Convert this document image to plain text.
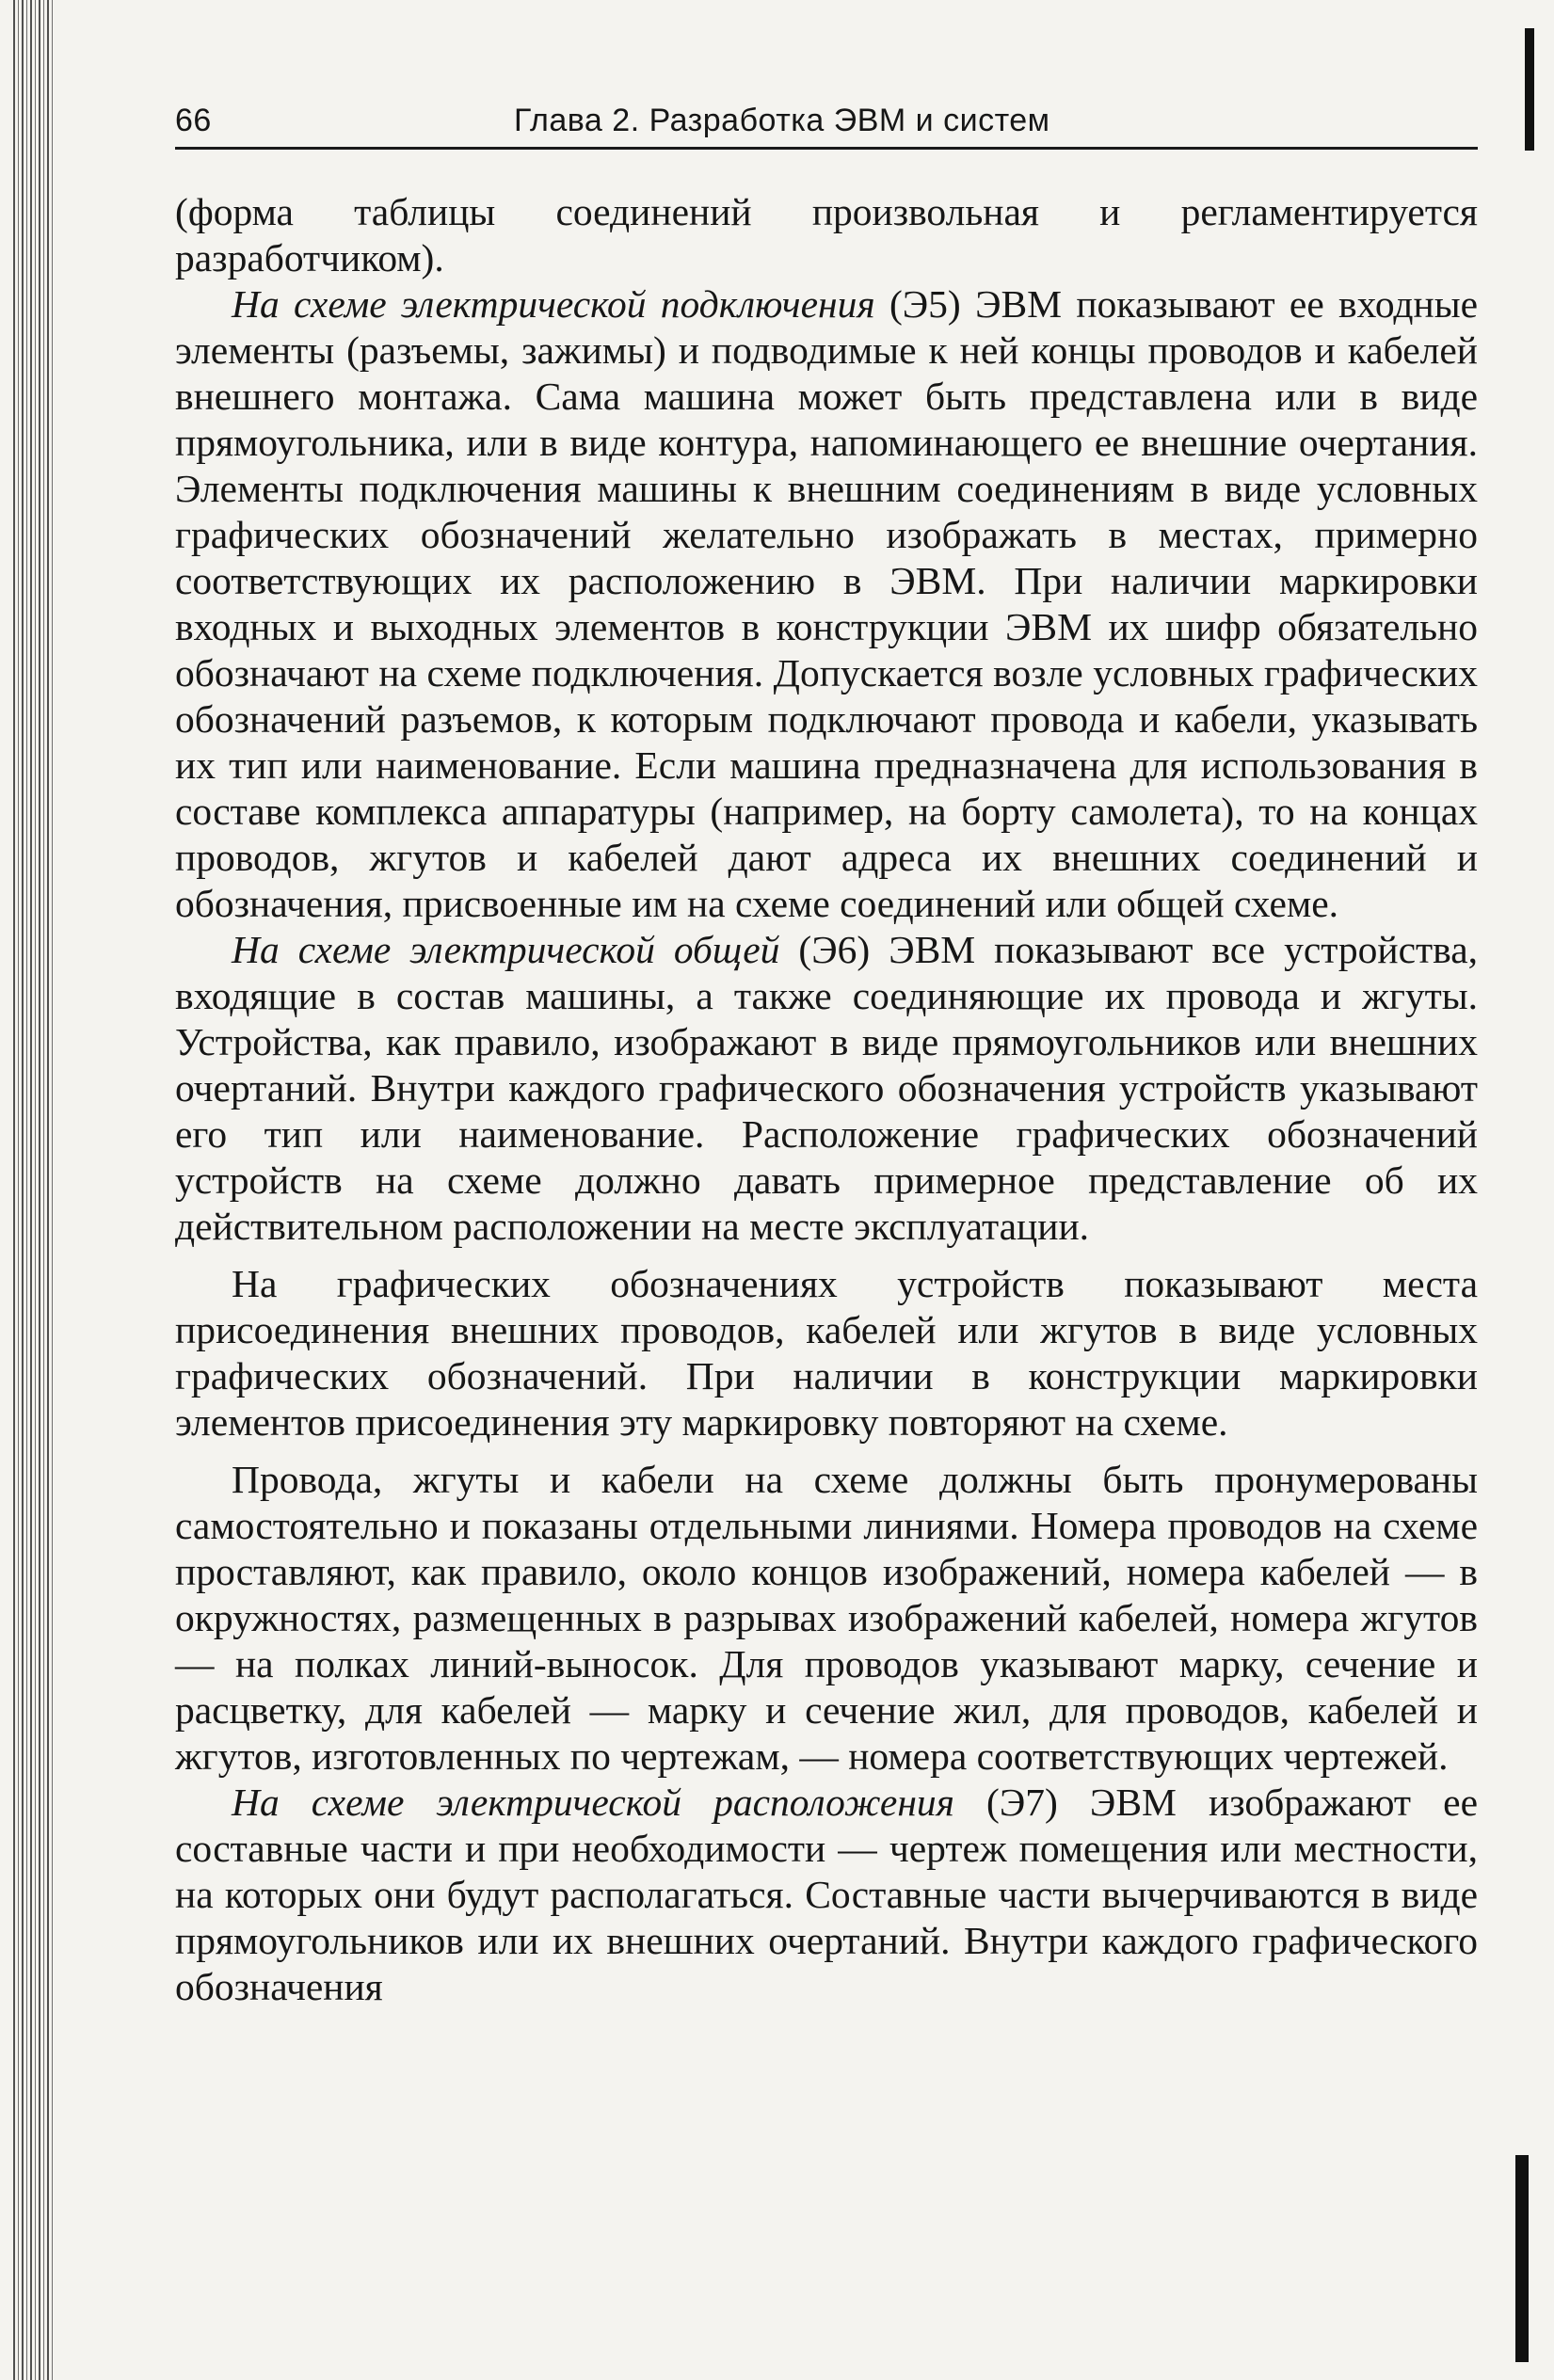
66	Глава 2. Разработка ЭВМ и систем

(форма таблицы соединений произвольная и регламентируется разработчиком).

На схеме электрической подключения (Э5) ЭВМ показывают ее входные элементы (разъемы, зажимы) и подводимые к ней концы проводов и кабелей внешнего монтажа. Сама машина может быть представлена или в виде прямоугольника, или в виде контура, напоминающего ее внешние очертания. Элементы подключения машины к внешним соединениям в виде условных графических обозначений желательно изображать в местах, примерно соответствующих их расположению в ЭВМ. При наличии маркировки входных и выходных элементов в конструкции ЭВМ их шифр обязательно обозначают на схеме подключения. Допускается возле условных графических обозначений разъемов, к которым подключают провода и кабели, указывать их тип или наименование. Если машина предназначена для использования в составе комплекса аппаратуры (например, на борту самолета), то на концах проводов, жгутов и кабелей дают адреса их внешних соединений и обозначения, присвоенные им на схеме соединений или общей схеме.

На схеме электрической общей (Э6) ЭВМ показывают все устройства, входящие в состав машины, а также соединяющие их провода и жгуты. Устройства, как правило, изображают в виде прямоугольников или внешних очертаний. Внутри каждого графического обозначения устройств указывают его тип или наименование. Расположение графических обозначений устройств на схеме должно давать примерное представление об их действительном расположении на месте эксплуатации.

На графических обозначениях устройств показывают места присоединения внешних проводов, кабелей или жгутов в виде условных графических обозначений. При наличии в конструкции маркировки элементов присоединения эту маркировку повторяют на схеме.

Провода, жгуты и кабели на схеме должны быть пронумерованы самостоятельно и показаны отдельными линиями. Номера проводов на схеме проставляют, как правило, около концов изображений, номера кабелей — в окружностях, размещенных в разрывах изображений кабелей, номера жгутов — на полках линий-выносок. Для проводов указывают марку, сечение и расцветку, для кабелей — марку и сечение жил, для проводов, кабелей и жгутов, изготовленных по чертежам, — номера соответствующих чертежей.

На схеме электрической расположения (Э7) ЭВМ изображают ее составные части и при необходимости — чертеж помещения или местности, на которых они будут располагаться. Составные части вычерчиваются в виде прямоугольников или их внешних очертаний. Внутри каждого графического обозначения
